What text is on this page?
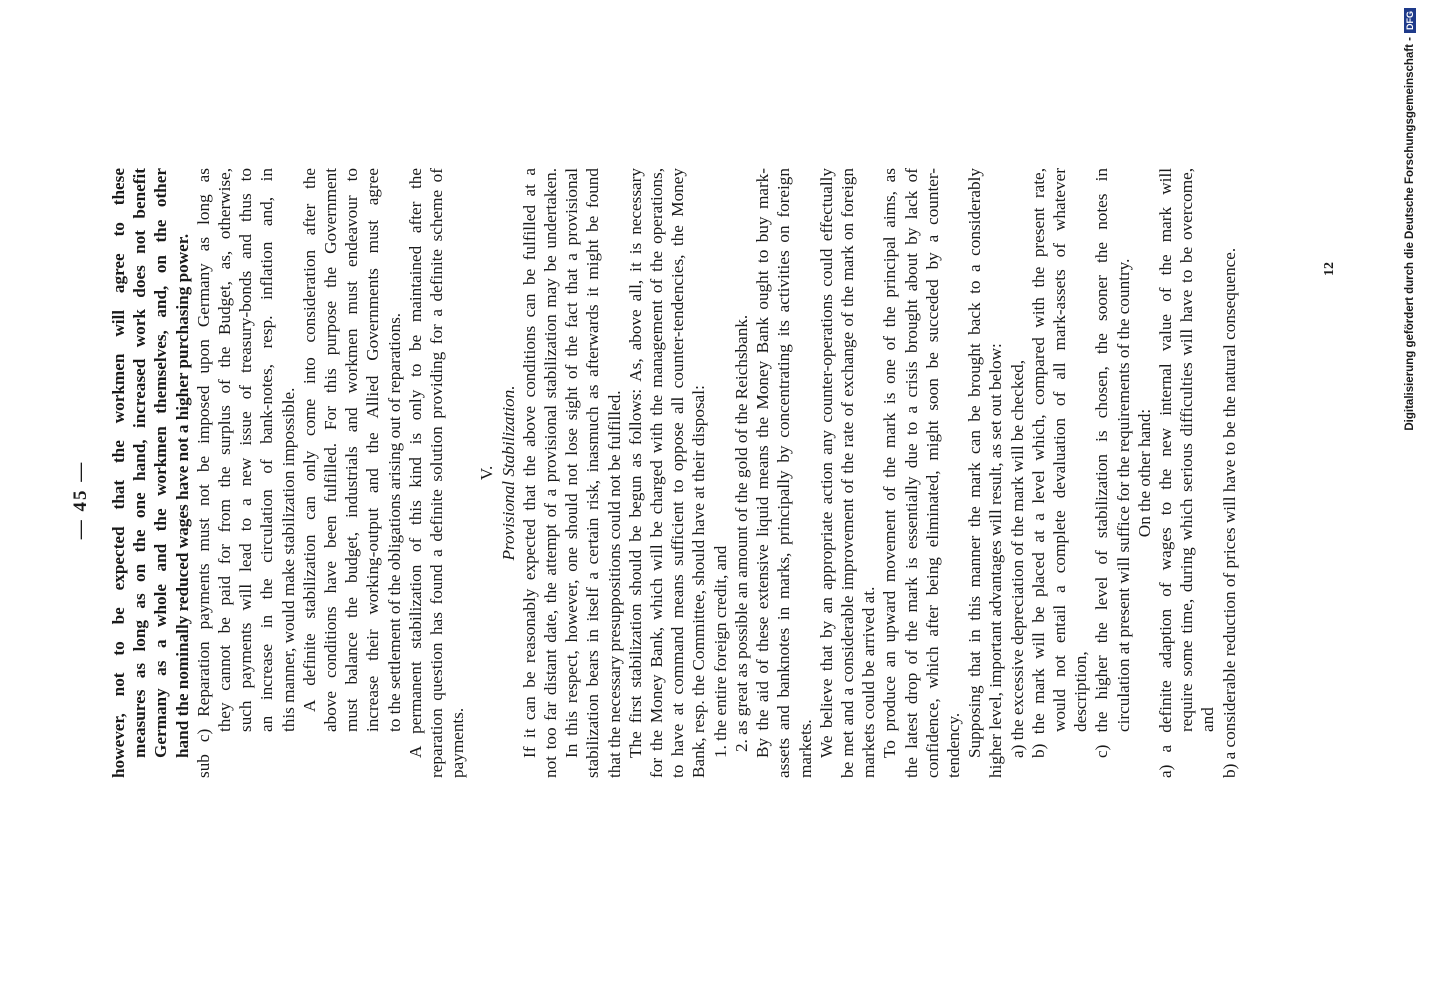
— 45 — however, not to be expected that the workmen will agree to these measures as long as on the one hand, increased work does not benefit Germany as a whole and the workmen themselves, and, on the other hand the nominally reduced wages have not a higher purchasing power. sub c) Reparation payments must not be imposed upon Germany as long as they cannot be paid for from the surplus of the Budget, as, otherwise, such payments will lead to a new issue of treasury-bonds and thus to an increase in the circulation of bank-notes, resp. inflation and, in this manner, would make stabilization impossible. A definite stabilization can only come into consideration after the above conditions have been fulfilled. For this purpose the Government must balance the budget, industrials and workmen must endeavour to increase their working-output and the Allied Governments must agree to the settlement of the obligations arising out of reparations. A permanent stabilization of this kind is only to be maintained after the reparation question has found a definite solution providing for a definite scheme of payments.
V. Provisional Stabilization. If it can be reasonably expected that the above conditions can be fulfilled at a not too far distant date, the attempt of a provisional stabilization may be undertaken. In this respect, however, one should not lose sight of the fact that a provisional stabilization bears in itself a certain risk, inasmuch as afterwards it might be found that the necessary presuppositions could not be fulfilled. The first stabilization should be begun as follows: As, above all, it is necessary for the Money Bank, which will be charged with the management of the operations, to have at command means sufficient to oppose all counter-tendencies, the Money Bank, resp. the Committee, should have at their disposal: 1. the entire foreign credit, and 2. as great as possible an amount of the gold of the Reichsbank. By the aid of these extensive liquid means the Money Bank ought to buy mark- assets and banknotes in marks, principally by concentrating its activities on foreign markets. We believe that by an appropriate action any counter-operations could effectually be met and a considerable improvement of the rate of exchange of the mark on foreign markets could be arrived at. To produce an upward movement of the mark is one of the principal aims, as the latest drop of the mark is essentially due to a crisis brought about by lack of confidence, which after being eliminated, might soon be succeded by a counter- tendency. Supposing that in this manner the mark can be brought back to a considerably higher level, important advantages will result, as set out below: a) the excessive depreciation of the mark will be checked, b) the mark will be placed at a level which, compared with the present rate, would not entail a complete devaluation of all mark-assets of whatever description, c) the higher the level of stabilization is chosen, the sooner the notes in circulation at present will suffice for the requirements of the country. On the other hand: a) a definite adaption of wages to the new internal value of the mark will require some time, during which serious difficulties will have to be overcome, and b) a considerable reduction of prices will have to be the natural consequence.	12	Digitalisierung gefördert durch die Deutsche Forschungsgemeinschaft -DFG
